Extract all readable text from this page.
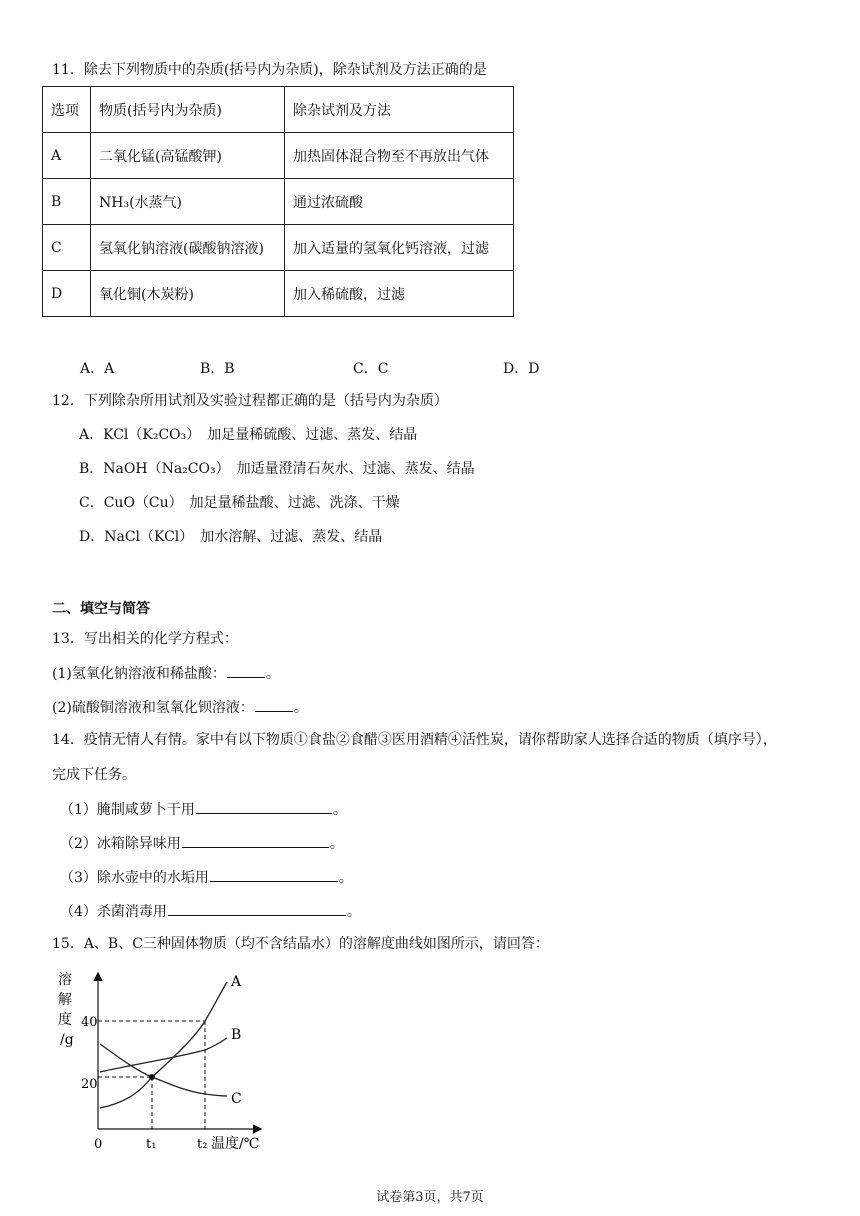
11．除去下列物质中的杂质(括号内为杂质)，除杂试剂及方法正确的是
选项	物质(括号内为杂质)	除杂试剂及方法
A	二氧化锰(高锰酸钾)	加热固体混合物至不再放出气体
B	NH₃(水蒸气)	通过浓硫酸
C	氢氧化钠溶液(碳酸钠溶液)	加入适量的氢氧化钙溶液，过滤
D	氧化铜(木炭粉)	加入稀硫酸，过滤
A．A	B．B	C．C	D．D
12．下列除杂所用试剂及实验过程都正确的是（括号内为杂质）
A．KCl（K₂CO₃）　加足量稀硫酸、过滤、蒸发、结晶
B．NaOH（Na₂CO₃）　加适量澄清石灰水、过滤、蒸发、结晶
C．CuO（Cu）　加足量稀盐酸、过滤、洗涤、干燥
D．NaCl（KCl）　加水溶解、过滤、蒸发、结晶
二、填空与简答
13．写出相关的化学方程式：
(1)氢氧化钠溶液和稀盐酸：	。
(2)硫酸铜溶液和氢氧化钡溶液：	。
14．疫情无情人有情。家中有以下物质①食盐②食醋③医用酒精④活性炭，请你帮助家人选择合适的物质（填序号），
完成下任务。
（1）腌制咸萝卜干用	。
（2）冰箱除异味用	。
（3）除水壶中的水垢用	。
（4）杀菌消毒用	。
15．A、B、C三种固体物质（均不含结晶水）的溶解度曲线如图所示，请回答：
溶
解
度
/g
40
20
A
B
C
0	t₁	t₂ 温度/℃
试卷第3页，共7页
